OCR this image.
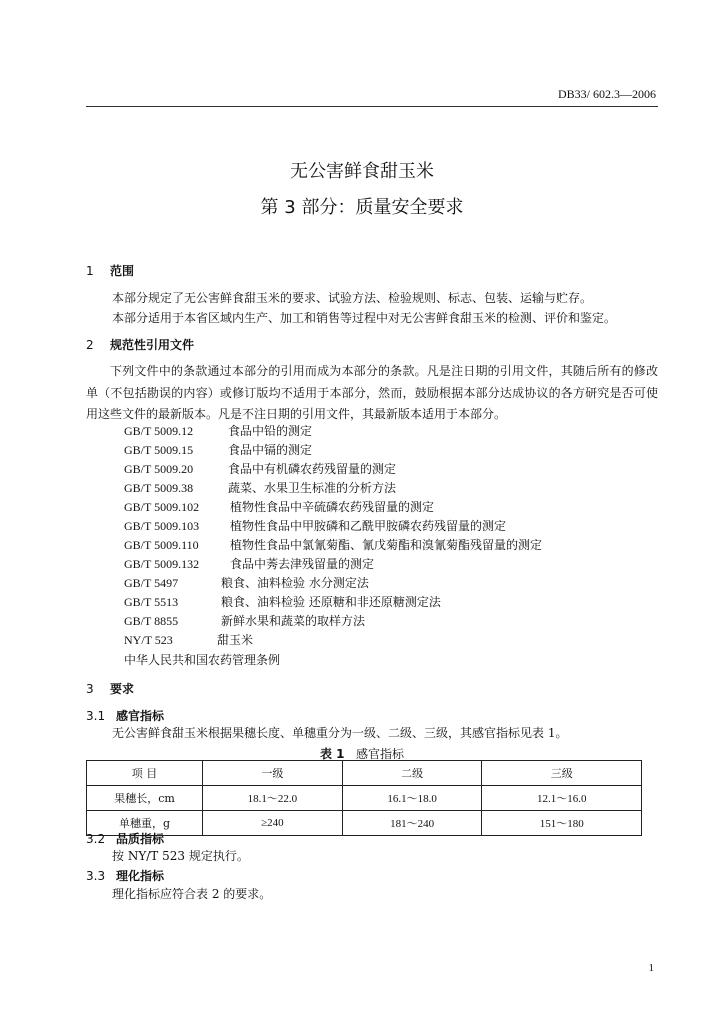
DB33/ 602.3—2006
无公害鲜食甜玉米
第 3 部分：质量安全要求
1 范围
本部分规定了无公害鲜食甜玉米的要求、试验方法、检验规则、标志、包装、运输与贮存。
本部分适用于本省区域内生产、加工和销售等过程中对无公害鲜食甜玉米的检测、评价和鉴定。
2 规范性引用文件
下列文件中的条款通过本部分的引用而成为本部分的条款。凡是注日期的引用文件，其随后所有的修改单（不包括勘误的内容）或修订版均不适用于本部分，然而，鼓励根据本部分达成协议的各方研究是否可使用这些文件的最新版本。凡是不注日期的引用文件，其最新版本适用于本部分。
GB/T 5009.12	食品中铅的测定
GB/T 5009.15	食品中镉的测定
GB/T 5009.20	食品中有机磷农药残留量的测定
GB/T 5009.38	蔬菜、水果卫生标准的分析方法
GB/T 5009.102	植物性食品中辛硫磷农药残留量的测定
GB/T 5009.103	植物性食品中甲胺磷和乙酰甲胺磷农药残留量的测定
GB/T 5009.110	植物性食品中氯氰菊酯、氰戊菊酯和溴氰菊酯残留量的测定
GB/T 5009.132	食品中莠去津残留量的测定
GB/T 5497	粮食、油料检验 水分测定法
GB/T 5513	粮食、油料检验 还原糖和非还原糖测定法
GB/T 8855	新鲜水果和蔬菜的取样方法
NY/T 523	甜玉米
中华人民共和国农药管理条例
3 要求
3.1 感官指标
无公害鲜食甜玉米根据果穗长度、单穗重分为一级、二级、三级，其感官指标见表 1。
表 1 感官指标
项 目	一级	二级	三级
果穗长，cm	18.1～22.0	16.1～18.0	12.1～16.0
单穗重，g	≥240	181～240	151～180
3.2 品质指标
按 NY/T 523 规定执行。
3.3 理化指标
理化指标应符合表 2 的要求。
1
